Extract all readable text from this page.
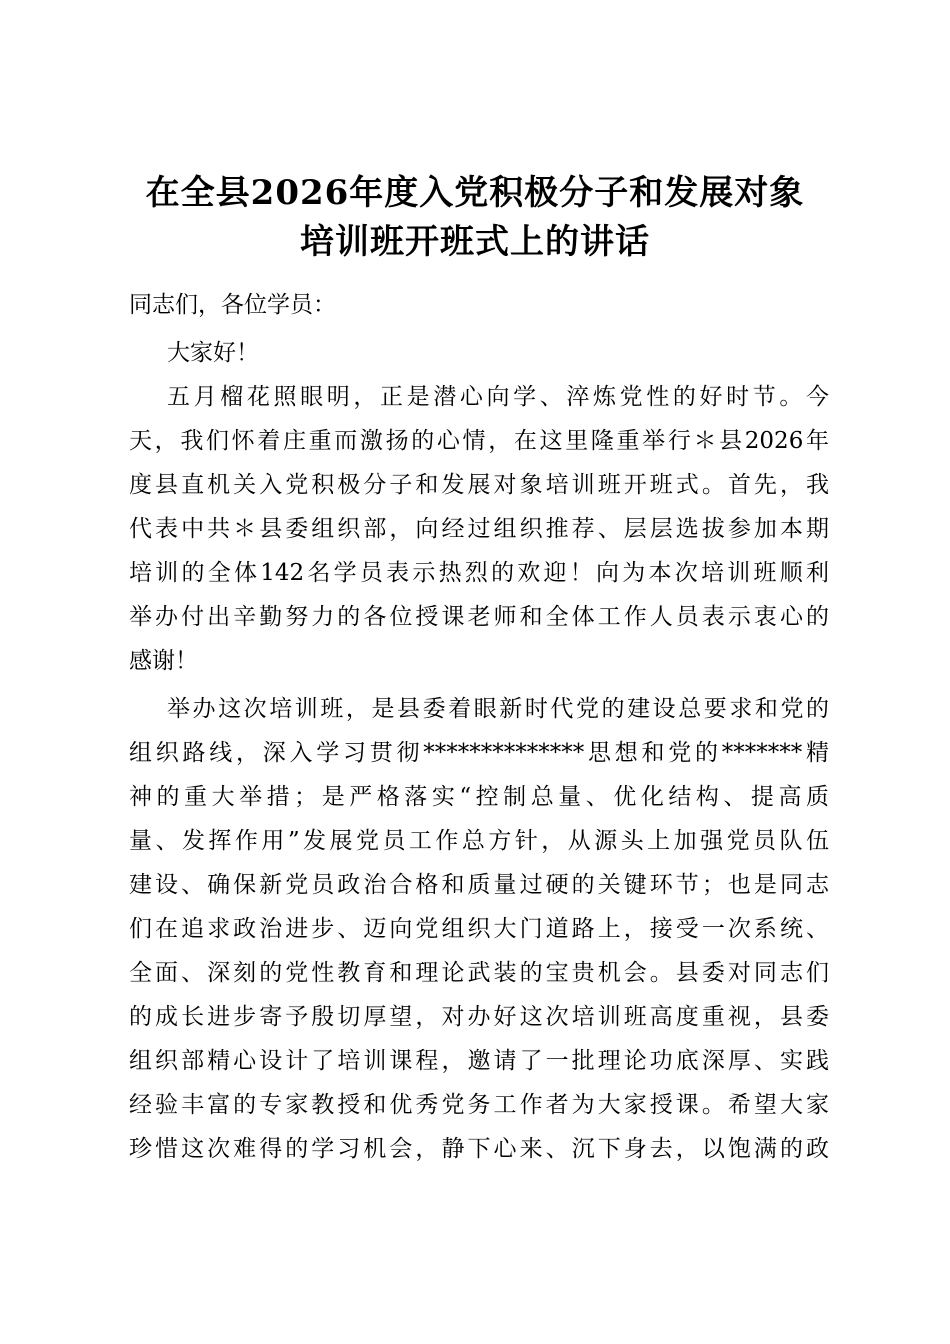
在全县2026年度入党积极分子和发展对象
培训班开班式上的讲话

同志们，各位学员：

大家好！

五月榴花照眼明，正是潜心向学、淬炼党性的好时节。今
天，我们怀着庄重而激扬的心情，在这里隆重举行＊县2026年
度县直机关入党积极分子和发展对象培训班开班式。首先，我
代表中共＊县委组织部，向经过组织推荐、层层选拔参加本期
培训的全体142名学员表示热烈的欢迎！向为本次培训班顺利
举办付出辛勤努力的各位授课老师和全体工作人员表示衷心的
感谢！
举办这次培训班，是县委着眼新时代党的建设总要求和党的
组织路线，深入学习贯彻**************思想和党的*******精
神的重大举措；是严格落实“控制总量、优化结构、提高质
量、发挥作用”发展党员工作总方针，从源头上加强党员队伍
建设、确保新党员政治合格和质量过硬的关键环节；也是同志
们在追求政治进步、迈向党组织大门道路上，接受一次系统、
全面、深刻的党性教育和理论武装的宝贵机会。县委对同志们
的成长进步寄予殷切厚望，对办好这次培训班高度重视，县委
组织部精心设计了培训课程，邀请了一批理论功底深厚、实践
经验丰富的专家教授和优秀党务工作者为大家授课。希望大家
珍惜这次难得的学习机会，静下心来、沉下身去，以饱满的政
